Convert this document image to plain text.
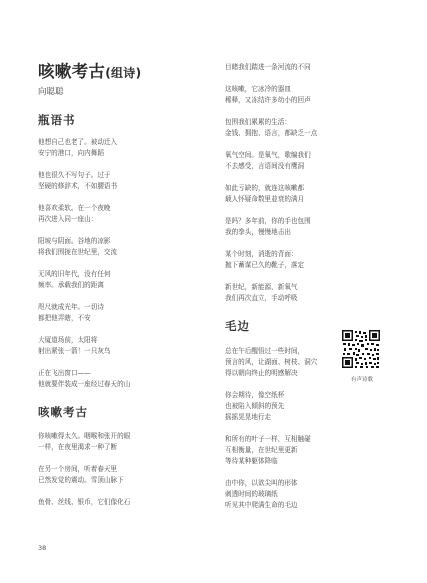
咳嗽考古(组诗)
向聪聪
瓶语书
他想自己也老了。被动迁入
安宁的港口，向内舞蹈
他也很久不写句子。过于
坚硬的修辞术，不如腰语书
他喜欢柔软。在一个夜晚
再次进入同一座山：
阳坡与阴面。谷地的凉影
将我们围拢在世纪里，交流
无风的旧年代，没有任何
频率。承载我们的距离
咫尺就成光年。一切诗
都把他弄瞎，不安
大厦道场前，太阳将
射出紧张一箭！一只灰鸟
正在飞出窗口——
他就要伴装成一座经过春天的山
咳嗽考古
你咳嗽得太久。咽喉和张开的眼
一样，在夜里渴求一种了断
在另一个房间，听着春天里
已然发觉的震动。雪顶山脉下
鱼骨、丝线、银币，它们像化石
目睹我们踏进一条河流的不同
这咳嗽，它冰冷的器皿
稀释，又冻结许多幼小的回声
包围我们累累的生活：
金钱、拥抱、语言，都缺乏一点
氧气空间。是氧气，歌编我们
不去感受，言语间没有鹰洞
如此亏缺的，就连这咳嗽都
载人怀疑命数里並衰的满月
是吗？多年前，你的手也包围
我的拳头，慢慢地击出
某个时刻，消逝的背面：
抛下蓄谋已久的靴子，落定
新世纪，新能源，新氧气
我们再次直立，手动呼吸
毛边
总在午后醒悟过一些时间，
预言的风，让湖面、树枝、洞穴
得以朝向终止的明感解决
你会期待，像空纸杯
也被陷入倾斜的预先
摇摇晃晃地行走
和所有的叶子一样，互相触碰
互相衡量，在世纪里更新
等待某种躯体降临
由中你，以欲尖叫的形体
刺透时间的玻璃纸
听见其中爬满生命的毛边
有声诗歌
38
